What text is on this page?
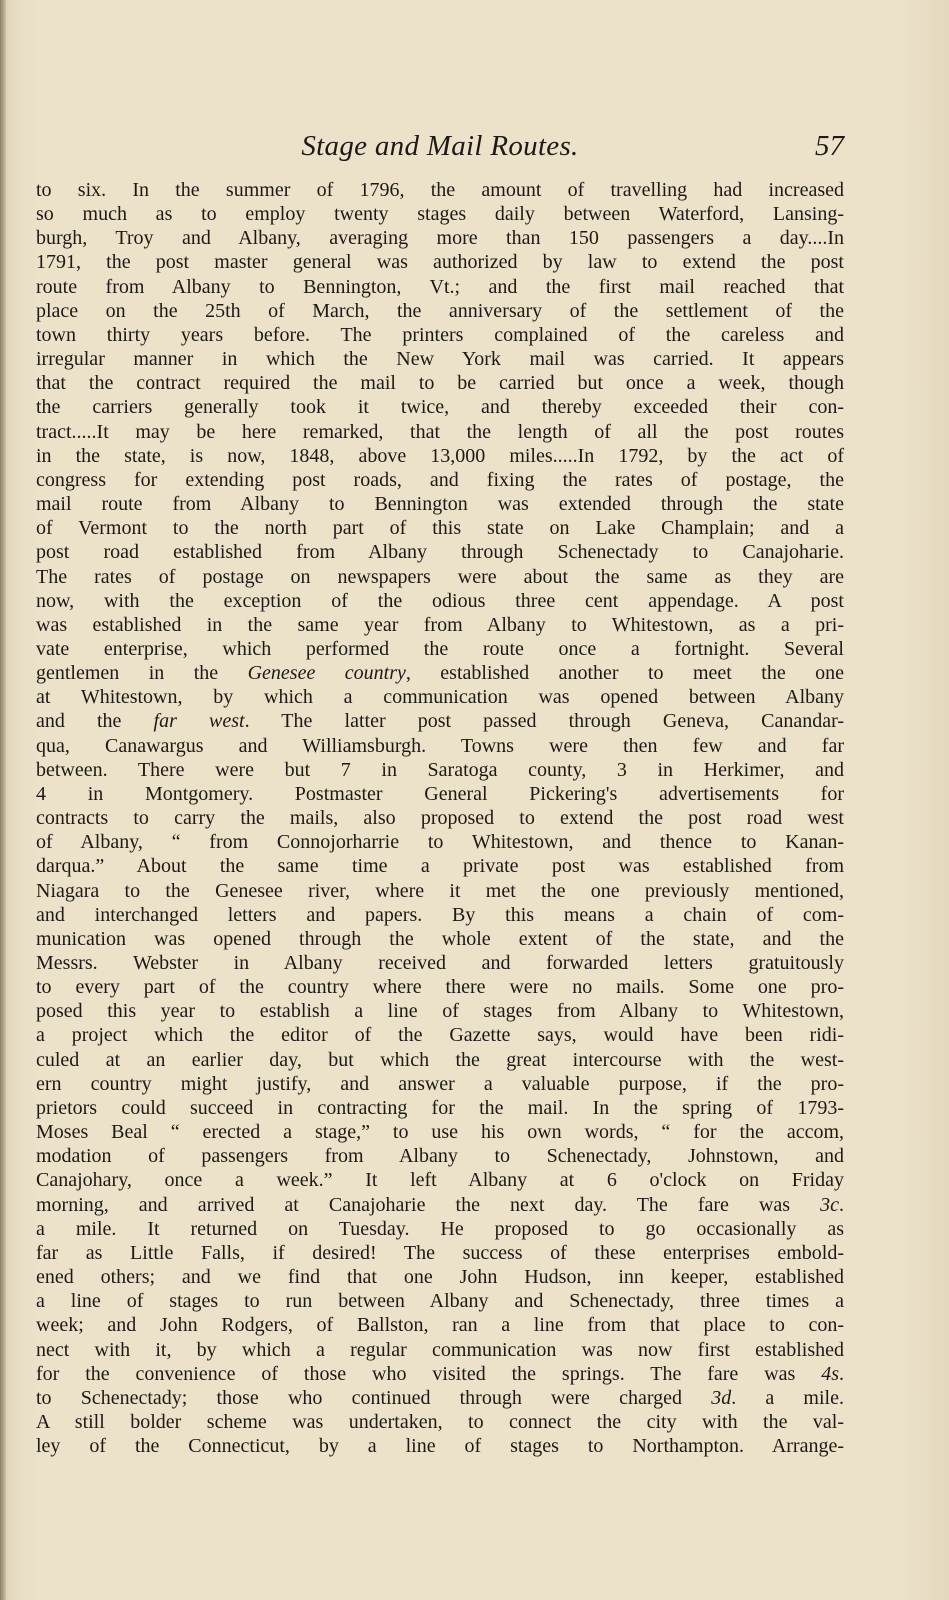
Stage and Mail Routes.	57
to six. In the summer of 1796, the amount of travelling had increased
so much as to employ twenty stages daily between Waterford, Lansing-
burgh, Troy and Albany, averaging more than 150 passengers a day....In
1791, the post master general was authorized by law to extend the post
route from Albany to Bennington, Vt.; and the first mail reached that
place on the 25th of March, the anniversary of the settlement of the
town thirty years before. The printers complained of the careless and
irregular manner in which the New York mail was carried. It appears
that the contract required the mail to be carried but once a week, though
the carriers generally took it twice, and thereby exceeded their con-
tract.....It may be here remarked, that the length of all the post routes
in the state, is now, 1848, above 13,000 miles.....In 1792, by the act of
congress for extending post roads, and fixing the rates of postage, the
mail route from Albany to Bennington was extended through the state
of Vermont to the north part of this state on Lake Champlain; and a
post road established from Albany through Schenectady to Canajoharie.
The rates of postage on newspapers were about the same as they are
now, with the exception of the odious three cent appendage. A post
was established in the same year from Albany to Whitestown, as a pri-
vate enterprise, which performed the route once a fortnight. Several
gentlemen in the Genesee country, established another to meet the one
at Whitestown, by which a communication was opened between Albany
and the far west. The latter post passed through Geneva, Canandar-
qua, Canawargus and Williamsburgh. Towns were then few and far
between. There were but 7 in Saratoga county, 3 in Herkimer, and
4 in Montgomery. Postmaster General Pickering's advertisements for
contracts to carry the mails, also proposed to extend the post road west
of Albany, “ from Connojorharrie to Whitestown, and thence to Kanan-
darqua.” About the same time a private post was established from
Niagara to the Genesee river, where it met the one previously mentioned,
and interchanged letters and papers. By this means a chain of com-
munication was opened through the whole extent of the state, and the
Messrs. Webster in Albany received and forwarded letters gratuitously
to every part of the country where there were no mails. Some one pro-
posed this year to establish a line of stages from Albany to Whitestown,
a project which the editor of the Gazette says, would have been ridi-
culed at an earlier day, but which the great intercourse with the west-
ern country might justify, and answer a valuable purpose, if the pro-
prietors could succeed in contracting for the mail. In the spring of 1793-
Moses Beal “ erected a stage,” to use his own words, “ for the accom,
modation of passengers from Albany to Schenectady, Johnstown, and
Canajohary, once a week.” It left Albany at 6 o'clock on Friday
morning, and arrived at Canajoharie the next day. The fare was 3c.
a mile. It returned on Tuesday. He proposed to go occasionally as
far as Little Falls, if desired! The success of these enterprises embold-
ened others; and we find that one John Hudson, inn keeper, established
a line of stages to run between Albany and Schenectady, three times a
week; and John Rodgers, of Ballston, ran a line from that place to con-
nect with it, by which a regular communication was now first established
for the convenience of those who visited the springs. The fare was 4s.
to Schenectady; those who continued through were charged 3d. a mile.
A still bolder scheme was undertaken, to connect the city with the val-
ley of the Connecticut, by a line of stages to Northampton. Arrange-
